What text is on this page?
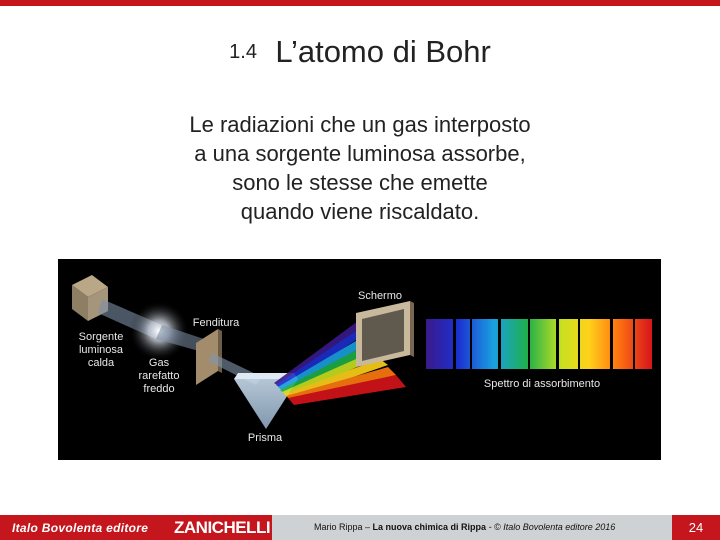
1.4 L’atomo di Bohr
Le radiazioni che un gas interposto
a una sorgente luminosa assorbe,
sono le stesse che emette
quando viene riscaldato.
Sorgente luminosa calda
Fenditura
Gas rarefatto freddo
Prisma
Schermo
Spettro di assorbimento
Italo Bovolenta editore ZANICHELLI	Mario Rippa – La nuova chimica di Rippa - © Italo Bovolenta editore 2016	24
